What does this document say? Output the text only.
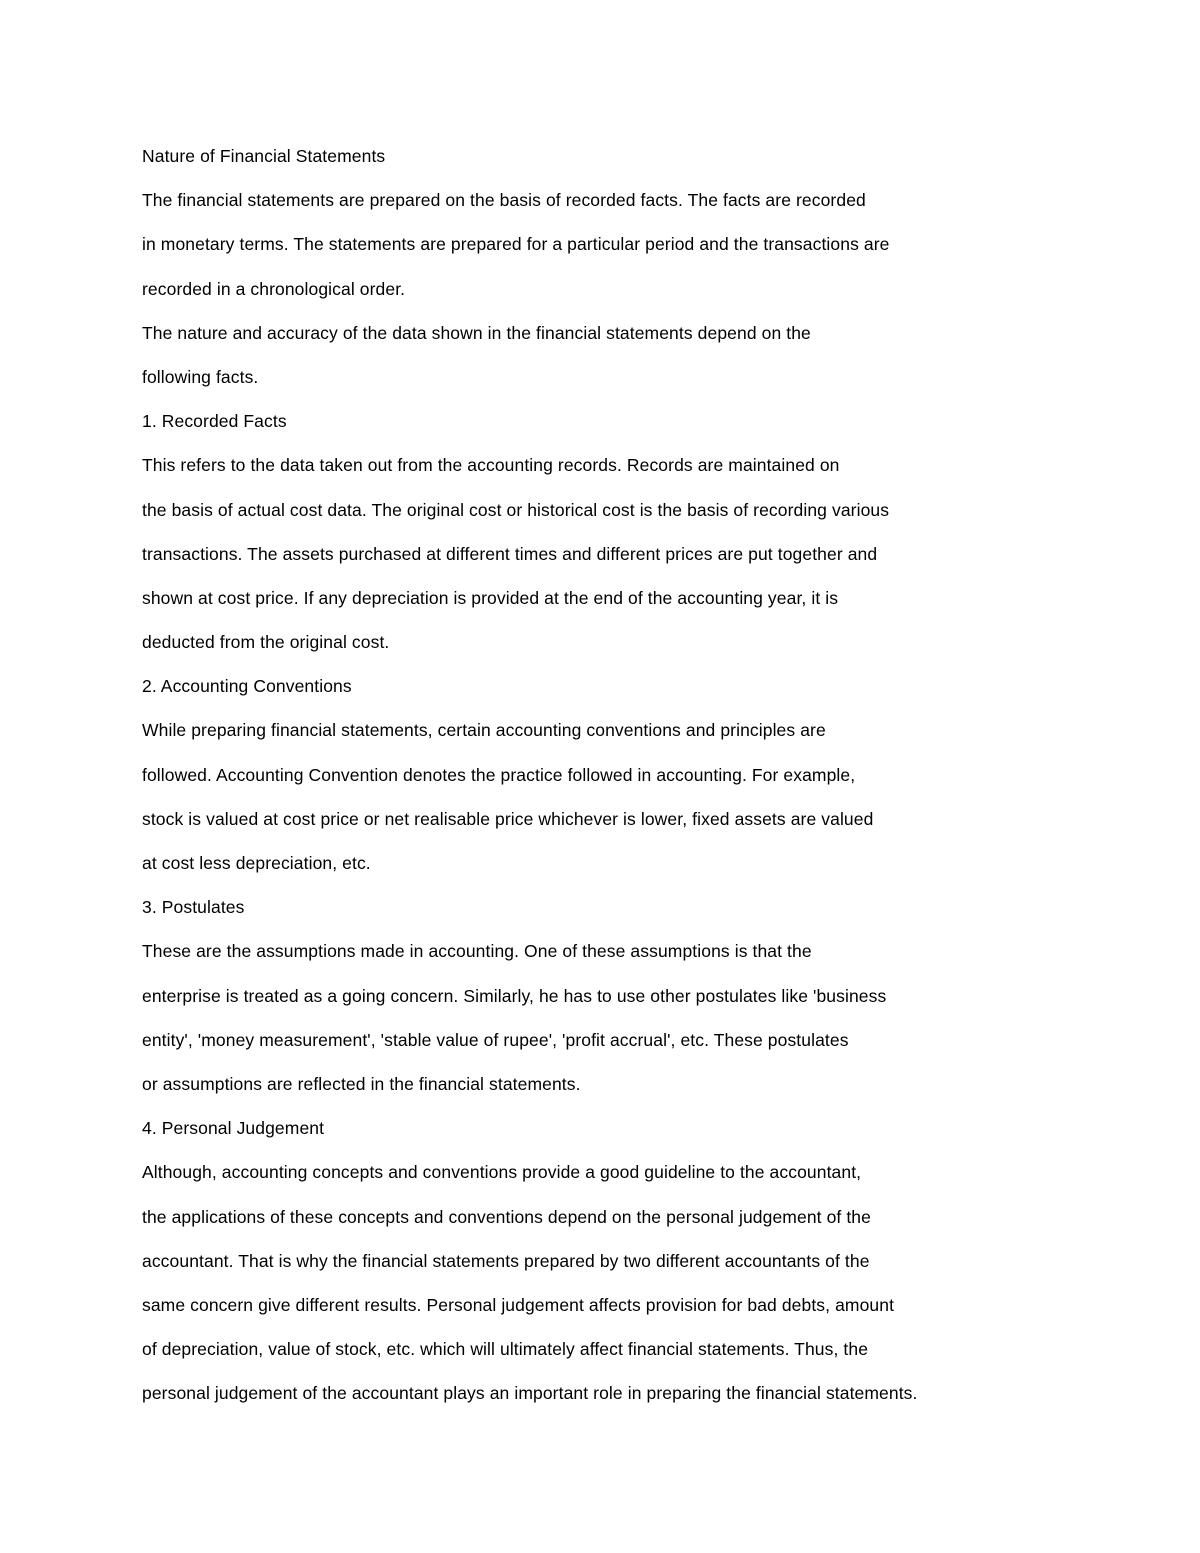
Nature of Financial Statements
The financial statements are prepared on the basis of recorded facts. The facts are recorded
in monetary terms. The statements are prepared for a particular period and the transactions are
recorded in a chronological order.
The nature and accuracy of the data shown in the financial statements depend on the
following facts.
1. Recorded Facts
This refers to the data taken out from the accounting records. Records are maintained on
the basis of actual cost data. The original cost or historical cost is the basis of recording various
transactions. The assets purchased at different times and different prices are put together and
shown at cost price. If any depreciation is provided at the end of the accounting year, it is
deducted from the original cost.
2. Accounting Conventions
While preparing financial statements, certain accounting conventions and principles are
followed. Accounting Convention denotes the practice followed in accounting. For example,
stock is valued at cost price or net realisable price whichever is lower, fixed assets are valued
at cost less depreciation, etc.
3. Postulates
These are the assumptions made in accounting. One of these assumptions is that the
enterprise is treated as a going concern. Similarly, he has to use other postulates like 'business
entity', 'money measurement', 'stable value of rupee', 'profit accrual', etc. These postulates
or assumptions are reflected in the financial statements.
4. Personal Judgement
Although, accounting concepts and conventions provide a good guideline to the accountant,
the applications of these concepts and conventions depend on the personal judgement of the
accountant. That is why the financial statements prepared by two different accountants of the
same concern give different results. Personal judgement affects provision for bad debts, amount
of depreciation, value of stock, etc. which will ultimately affect financial statements. Thus, the
personal judgement of the accountant plays an important role in preparing the financial statements.
